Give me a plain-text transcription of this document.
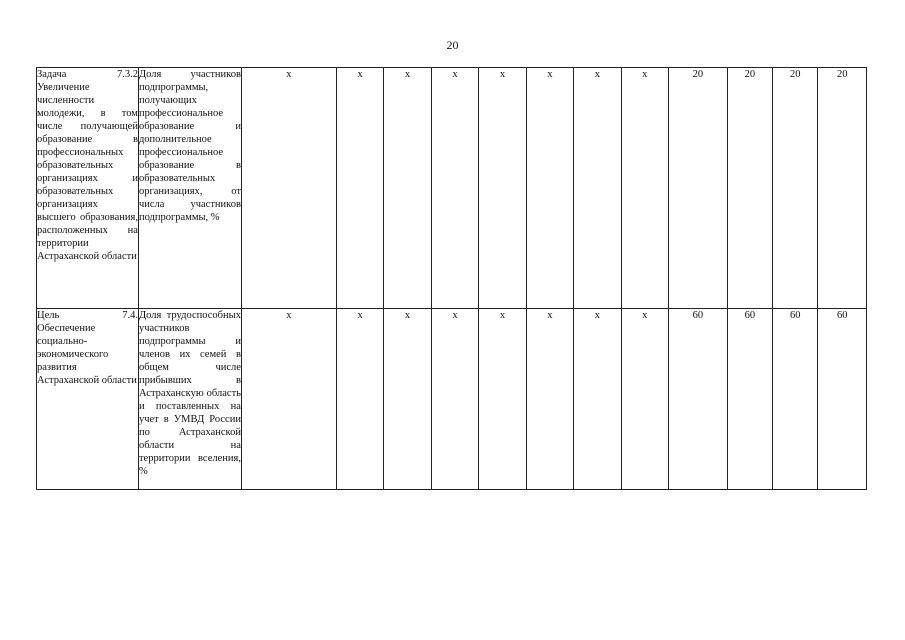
20
Задача 7.3.2 Увеличение численности молодежи, в том числе получающей образование в профессиональных образовательных организациях и образовательных организациях высшего образования, расположенных на территории Астраханской области	Доля участников подпрограммы, получающих профессиональное образование и дополнительное профессиональное образование в образовательных организациях, от числа участников подпрограммы, %	x	x	x	x	x	x	x	x	20	20	20	20
Цель 7.4. Обеспечение социально-экономического развития Астраханской области	Доля трудоспособных участников подпрограммы и членов их семей в общем числе прибывших в Астраханскую область и поставленных на учет в УМВД России по Астраханской области на территории вселения, %	x	x	x	x	x	x	x	x	60	60	60	60
